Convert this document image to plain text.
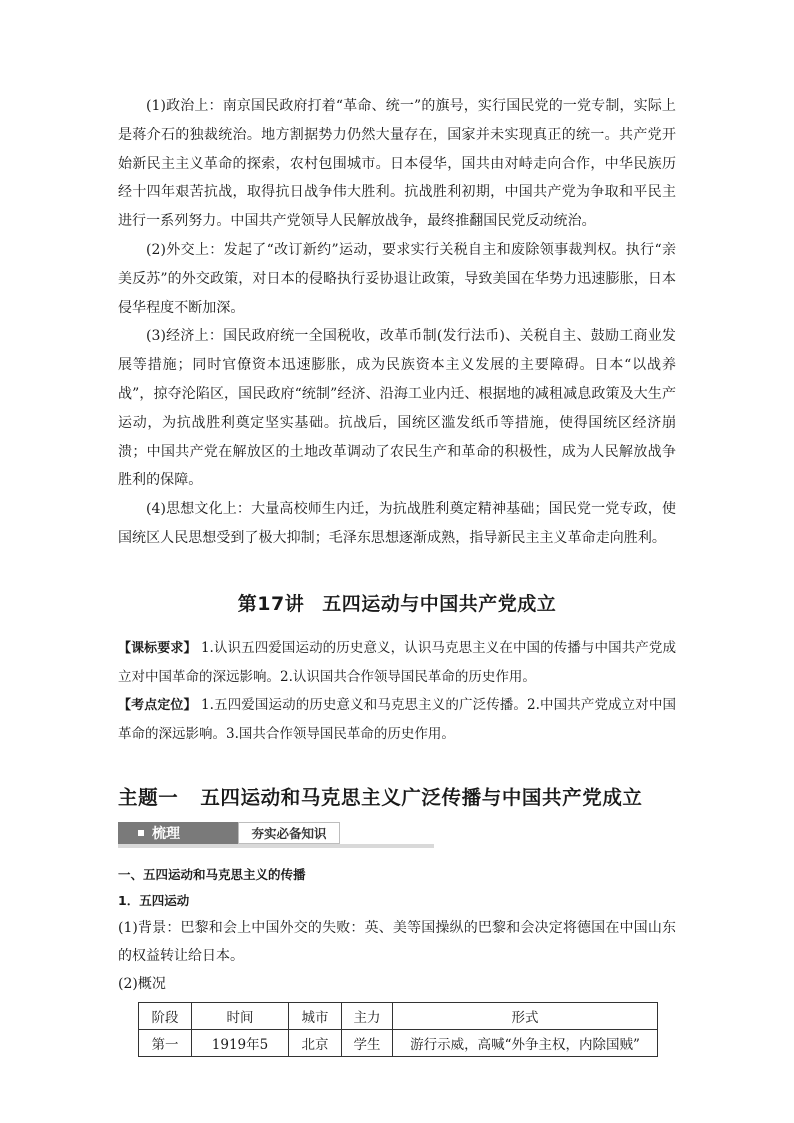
(1)政治上：南京国民政府打着“革命、统一”的旗号，实行国民党的一党专制，实际上是蒋介石的独裁统治。地方割据势力仍然大量存在，国家并未实现真正的统一。共产党开始新民主主义革命的探索，农村包围城市。日本侵华，国共由对峙走向合作，中华民族历经十四年艰苦抗战，取得抗日战争伟大胜利。抗战胜利初期，中国共产党为争取和平民主进行一系列努力。中国共产党领导人民解放战争，最终推翻国民党反动统治。

(2)外交上：发起了“改订新约”运动，要求实行关税自主和废除领事裁判权。执行“亲美反苏”的外交政策，对日本的侵略执行妥协退让政策，导致美国在华势力迅速膨胀，日本侵华程度不断加深。

(3)经济上：国民政府统一全国税收，改革币制(发行法币)、关税自主、鼓励工商业发展等措施；同时官僚资本迅速膨胀，成为民族资本主义发展的主要障碍。日本“以战养战”，掠夺沦陷区，国民政府“统制”经济、沿海工业内迁、根据地的减租减息政策及大生产运动，为抗战胜利奠定坚实基础。抗战后，国统区滥发纸币等措施，使得国统区经济崩溃；中国共产党在解放区的土地改革调动了农民生产和革命的积极性，成为人民解放战争胜利的保障。

(4)思想文化上：大量高校师生内迁，为抗战胜利奠定精神基础；国民党一党专政，使国统区人民思想受到了极大抑制；毛泽东思想逐渐成熟，指导新民主主义革命走向胜利。

第17讲 五四运动与中国共产党成立

【课标要求】 1.认识五四爱国运动的历史意义，认识马克思主义在中国的传播与中国共产党成立对中国革命的深远影响。2.认识国共合作领导国民革命的历史作用。

【考点定位】 1.五四爱国运动的历史意义和马克思主义的广泛传播。2.中国共产党成立对中国革命的深远影响。3.国共合作领导国民革命的历史作用。

主题一 五四运动和马克思主义广泛传播与中国共产党成立
梳理	夯实必备知识

一、五四运动和马克思主义的传播

1．五四运动

(1)背景：巴黎和会上中国外交的失败：英、美等国操纵的巴黎和会决定将德国在中国山东的权益转让给日本。

(2)概况

阶段	时间	城市	主力	形式
第一	1919年5	北京	学生	游行示威，高喊“外争主权，内除国贼”
